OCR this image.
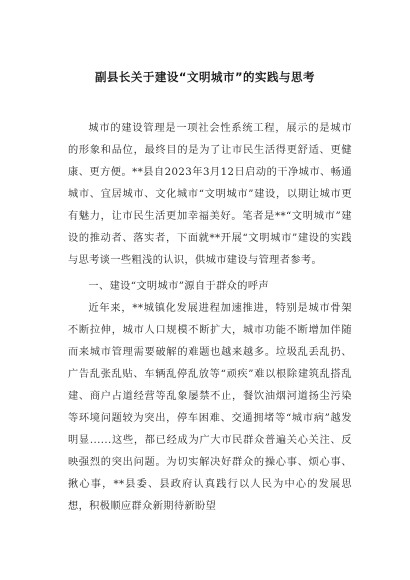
副县长关于建设“文明城市”的实践与思考

城市的建设管理是一项社会性系统工程，展示的是城市的形象和品位，最终目的是为了让市民生活得更舒适、更健康、更方便。**县自2023年3月12日启动的干净城市、畅通城市、宜居城市、文化城市“文明城市”建设，以期让城市更有魅力，让市民生活更加幸福美好。笔者是**“文明城市”建设的推动者、落实者，下面就**开展“文明城市”建设的实践与思考谈一些粗浅的认识，供城市建设与管理者参考。

一、建设“文明城市”源自于群众的呼声

近年来，**城镇化发展进程加速推进，特别是城市骨架不断拉伸，城市人口规模不断扩大，城市功能不断增加伴随而来城市管理需要破解的难题也越来越多。垃圾乱丢乱扔、广告乱张乱贴、车辆乱停乱放等“顽疾”难以根除建筑乱搭乱建、商户占道经营等乱象屡禁不止，餐饮油烟河道扬尘污染等环境问题较为突出，停车困难、交通拥堵等“城市病”越发明显......这些，都已经成为广大市民群众普遍关心关注、反映强烈的突出问题。为切实解决好群众的操心事、烦心事、揪心事，**县委、县政府认真践行以人民为中心的发展思想，积极顺应群众新期待新盼望
